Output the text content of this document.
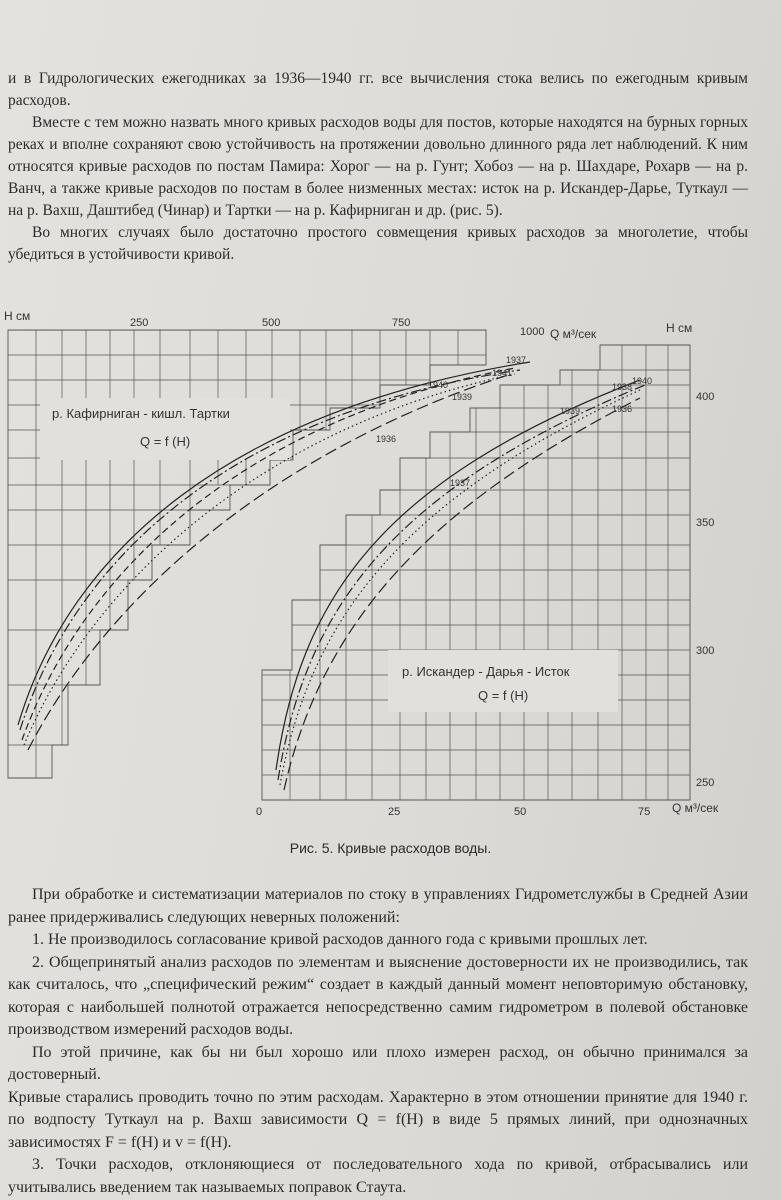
и в Гидрологических ежегодниках за 1936—1940 гг. все вычисления стока велись по ежегодным кривым расходов.

Вместе с тем можно назвать много кривых расходов воды для постов, которые находятся на бурных горных реках и вполне сохраняют свою устойчивость на протяжении довольно длинного ряда лет наблюдений. К ним относятся кривые расходов по постам Памира: Хорог — на р. Гунт; Хобоз — на р. Шахдаре, Рохарв — на р. Ванч, а также кривые расходов по постам в более низменных местах: исток на р. Искандер-Дарье, Туткаул — на р. Вахш, Даштибед (Чинар) и Тартки — на р. Кафирниган и др. (рис. 5).

Во многих случаях было достаточно простого совмещения кривых расходов за многолетие, чтобы убедиться в устойчивости кривой.

H см
H см
Q м³/сек
Q м³/сек
250	500	750
1000
0	25	50	75
400
350
300
250
р. Кафирниган - кишл. Тартки
Q = f (H)
р. Искандер - Дарья - Исток
Q = f (H)
1937
1940
1941
1939
1936
1938
1940
1939	1936
1937
Рис. 5. Кривые расходов воды.

При обработке и систематизации материалов по стоку в управлениях Гидрометслужбы в Средней Азии ранее придерживались следующих неверных положений:

1. Не производилось согласование кривой расходов данного года с кривыми прошлых лет.

2. Общепринятый анализ расходов по элементам и выяснение достоверности их не производились, так как считалось, что „специфический режим“ создает в каждый данный момент неповторимую обстановку, которая с наибольшей полнотой отражается непосредственно самим гидрометром в полевой обстановке производством измерений расходов воды.

По этой причине, как бы ни был хорошо или плохо измерен расход, он обычно принимался за достоверный.

Кривые старались проводить точно по этим расходам. Характерно в этом отношении принятие для 1940 г. по водпосту Туткаул на р. Вахш зависимости Q = f(H) в виде 5 прямых линий, при однозначных зависимостях F = f(H) и v = f(H).

3. Точки расходов, отклоняющиеся от последовательного хода по кривой, отбрасывались или учитывались введением так называемых поправок Стаута.
